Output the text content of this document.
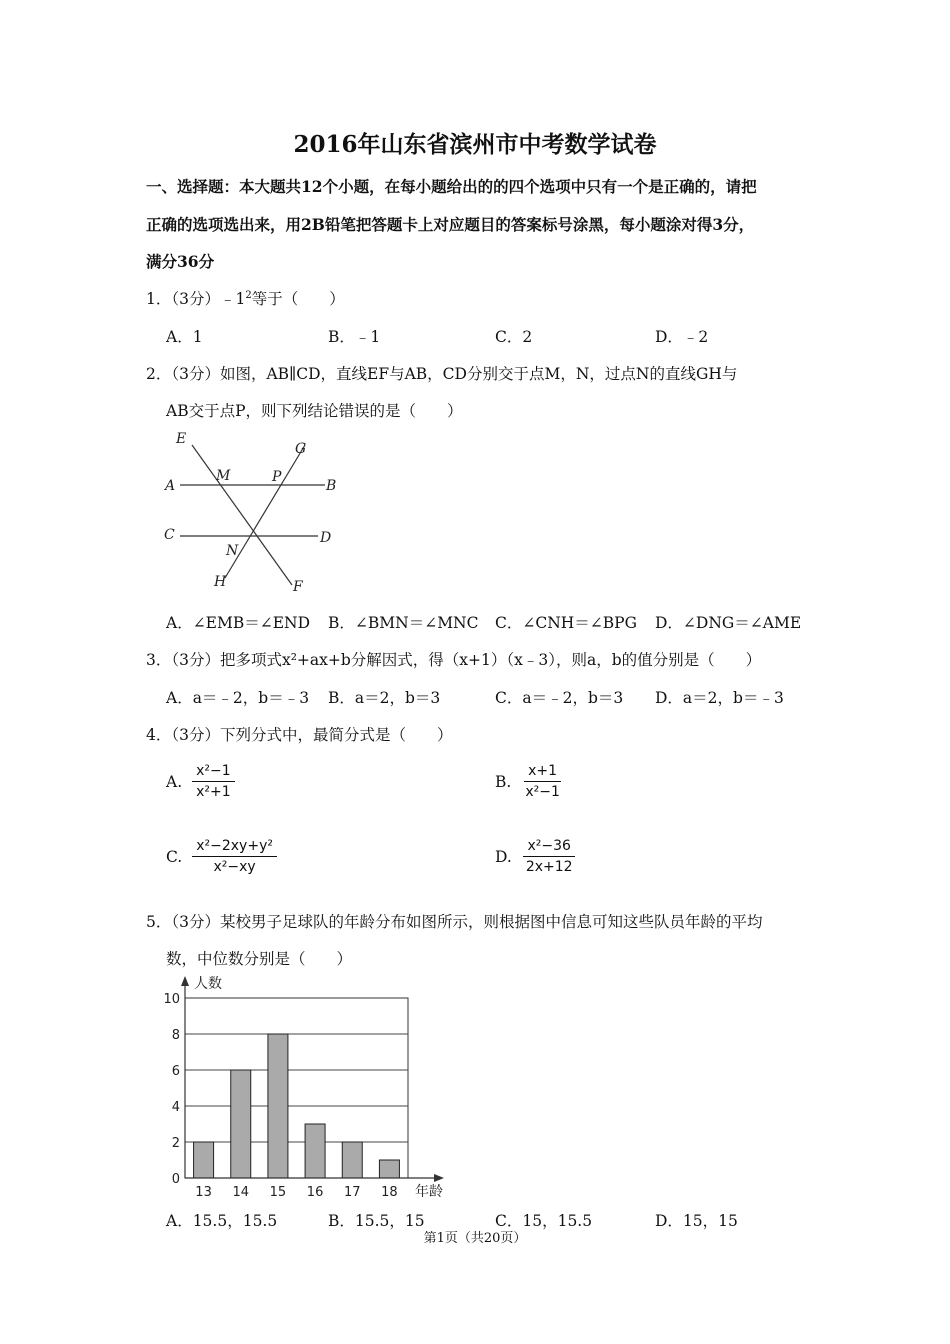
2016年山东省滨州市中考数学试卷
一、选择题：本大题共12个小题，在每小题给出的的四个选项中只有一个是正确的，请把
正确的选项选出来，用2B铅笔把答题卡上对应题目的答案标号涂黑，每小题涂对得3分，
满分36分
1．（3分）$﹣1^2$等于（　　）
A．1	B．﹣1	C．2	D．﹣2
2．（3分）如图，AB∥CD，直线EF与AB，CD分别交于点M，N，过点N的直线GH与
AB交于点P，则下列结论错误的是（　　）
E
M
G
P
A	B
C	D
N
H	F
A．∠EMB＝∠END B．∠BMN＝∠MNC C．∠CNH＝∠BPG D．∠DNG＝∠AME
3．（3分）把多项式x²+ax+b分解因式，得（x+1）（x﹣3），则a，b的值分别是（　　）
A．a＝﹣2，b＝﹣3 B．a＝2，b＝3	C．a＝﹣2，b＝3 D．a＝2，b＝﹣3
4．（3分）下列分式中，最简分式是（　　）
A. $\frac{\text{x²−1}}{\text{x²+1}}$	B. $\frac{x+1}{\text{x²−1}}$
C. $\frac{\text{x²−2xy+y²}}{\text{x²−xy}}$	D. $\frac{\text{x²−36}}{2x+12}$
5．（3分）某校男子足球队的年龄分布如图所示，则根据图中信息可知这些队员年龄的平均
数，中位数分别是（　　）
0
2
4
6
8
10
13 14 15 16 17 18
人数
年龄
A．15.5，15.5	B．15.5，15	C．15，15.5	D．15，15
第1页（共20页）
